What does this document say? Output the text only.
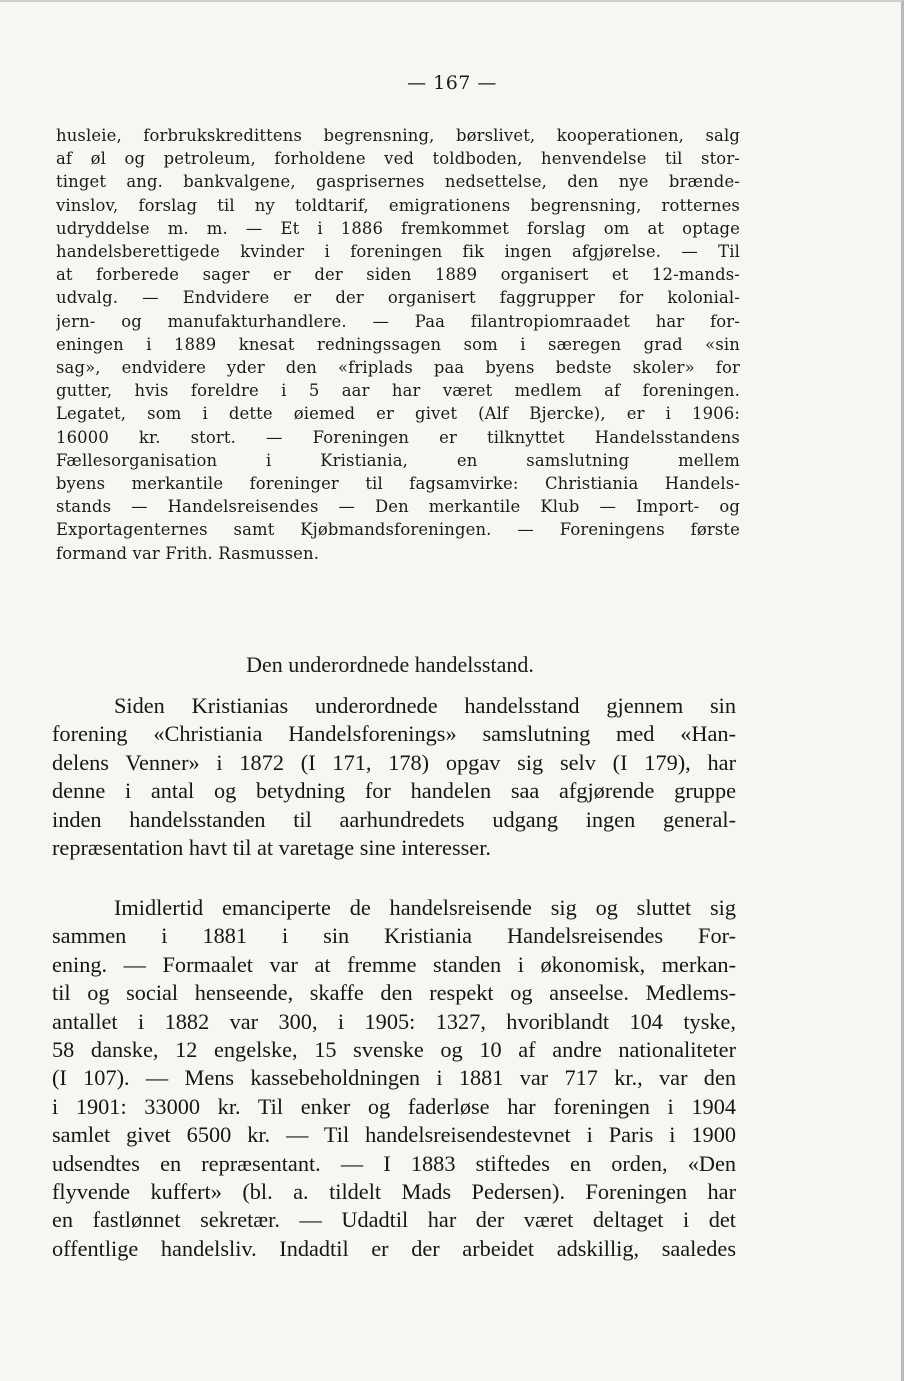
— 167 —
husleie, forbrukskredittens begrensning, børslivet, kooperationen, salg
af øl og petroleum, forholdene ved toldboden, henvendelse til stor-
tinget ang. bankvalgene, gasprisernes nedsettelse, den nye brænde-
vinslov, forslag til ny toldtarif, emigrationens begrensning, rotternes
udryddelse m. m. — Et i 1886 fremkommet forslag om at optage
handelsberettigede kvinder i foreningen fik ingen afgjørelse. — Til
at forberede sager er der siden 1889 organisert et 12-mands-
udvalg. — Endvidere er der organisert faggrupper for kolonial-
jern- og manufakturhandlere. — Paa filantropiomraadet har for-
eningen i 1889 knesat redningssagen som i særegen grad «sin
sag», endvidere yder den «friplads paa byens bedste skoler» for
gutter, hvis foreldre i 5 aar har været medlem af foreningen.
Legatet, som i dette øiemed er givet (Alf Bjercke), er i 1906:
16000 kr. stort. — Foreningen er tilknyttet Handelsstandens
Fællesorganisation i Kristiania, en samslutning mellem
byens merkantile foreninger til fagsamvirke: Christiania Handels-
stands — Handelsreisendes — Den merkantile Klub — Import- og
Exportagenternes samt Kjøbmandsforeningen. — Foreningens første
formand var Frith. Rasmussen.
Den underordnede handelsstand.
Siden Kristianias underordnede handelsstand gjennem sin
forening «Christiania Handelsforenings» samslutning med «Han-
delens Venner» i 1872 (I 171, 178) opgav sig selv (I 179), har
denne i antal og betydning for handelen saa afgjørende gruppe
inden handelsstanden til aarhundredets udgang ingen general-
repræsentation havt til at varetage sine interesser.
Imidlertid emanciperte de handelsreisende sig og sluttet sig
sammen i 1881 i sin Kristiania Handelsreisendes For-
ening. — Formaalet var at fremme standen i økonomisk, merkan-
til og social henseende, skaffe den respekt og anseelse. Medlems-
antallet i 1882 var 300, i 1905: 1327, hvoriblandt 104 tyske,
58 danske, 12 engelske, 15 svenske og 10 af andre nationaliteter
(I 107). — Mens kassebeholdningen i 1881 var 717 kr., var den
i 1901: 33000 kr. Til enker og faderløse har foreningen i 1904
samlet givet 6500 kr. — Til handelsreisendestevnet i Paris i 1900
udsendtes en repræsentant. — I 1883 stiftedes en orden, «Den
flyvende kuffert» (bl. a. tildelt Mads Pedersen). Foreningen har
en fastlønnet sekretær. — Udadtil har der været deltaget i det
offentlige handelsliv. Indadtil er der arbeidet adskillig, saaledes
